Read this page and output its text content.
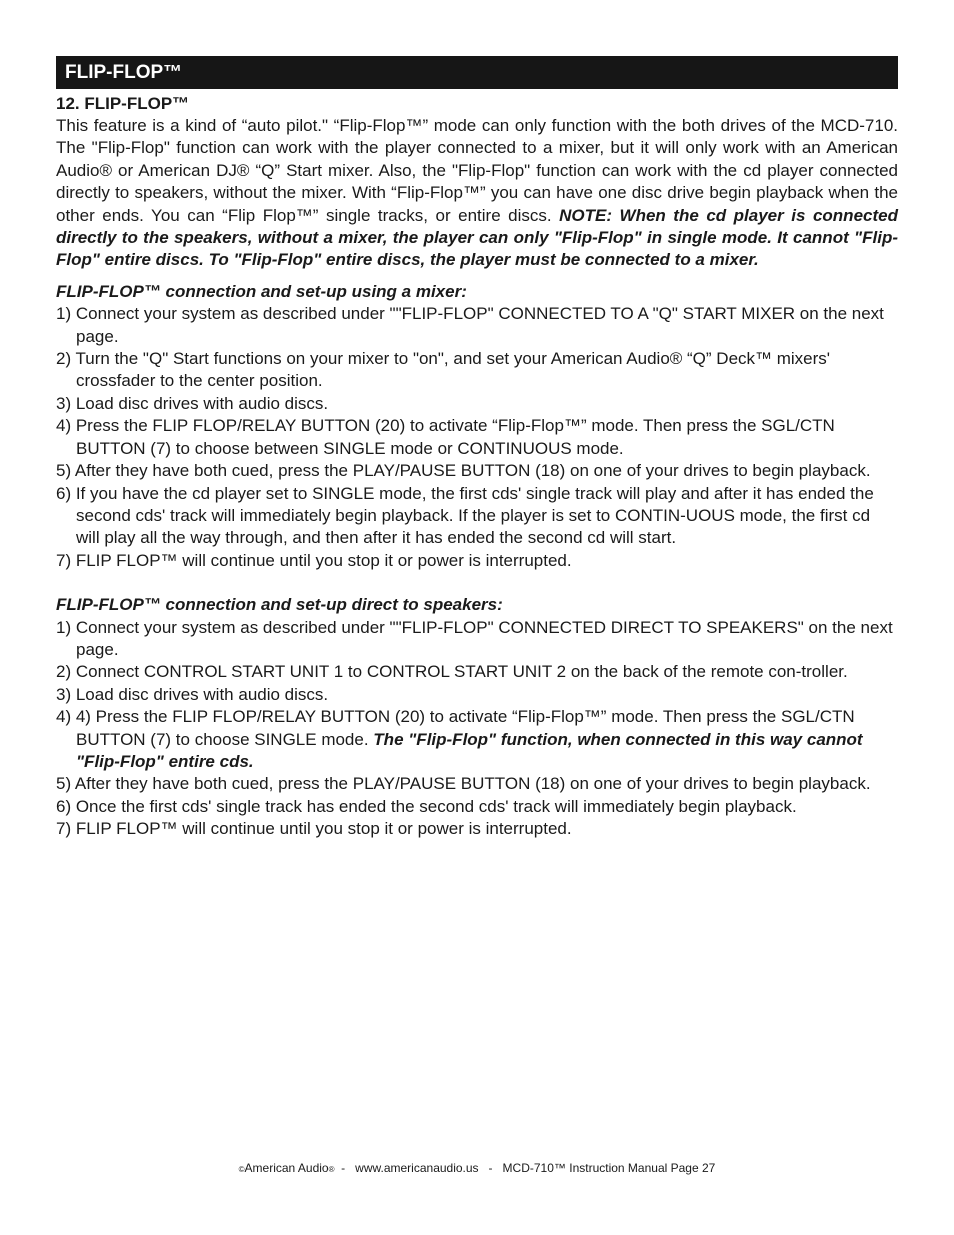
FLIP-FLOP™
12. FLIP-FLOP™
This feature is a kind of “auto pilot." “Flip-Flop™” mode can only function with the both drives of the MCD-710. The "Flip-Flop" function can work with the player connected to a mixer, but it will only work with an American Audio® or American DJ® “Q” Start mixer. Also, the "Flip-Flop" function can work with the cd player connected directly to speakers, without the mixer. With “Flip-Flop™” you can have one disc drive begin playback when the other ends. You can “Flip Flop™” single tracks, or entire discs. NOTE: When the cd player is connected directly to the speakers, without a mixer, the player can only "Flip-Flop" in single mode. It cannot "Flip-Flop" entire discs. To "Flip-Flop" entire discs, the player must be connected to a mixer.
FLIP-FLOP™ connection and set-up using a mixer:
1) Connect your system as described under ""FLIP-FLOP" CONNECTED TO A "Q" START MIXER on the next page.
2) Turn the "Q" Start functions on your mixer to "on", and set your American Audio® “Q” Deck™ mixers' crossfader to the center position.
3) Load disc drives with audio discs.
4) Press the FLIP FLOP/RELAY BUTTON (20) to activate “Flip-Flop™” mode. Then press the SGL/CTN BUTTON (7) to choose between SINGLE mode or CONTINUOUS mode.
5) After they have both cued, press the PLAY/PAUSE BUTTON (18) on one of your drives to begin playback.
6) If you have the cd player set to SINGLE mode, the first cds' single track will play and after it has ended the second cds' track will immediately begin playback. If the player is set to CONTIN-UOUS mode, the first cd will play all the way through, and then after it has ended the second cd will start.
7) FLIP FLOP™ will continue until you stop it or power is interrupted.
FLIP-FLOP™ connection and set-up direct to speakers:
1) Connect your system as described under ""FLIP-FLOP" CONNECTED DIRECT TO SPEAKERS" on the next page.
2) Connect CONTROL START UNIT 1 to CONTROL START UNIT 2 on the back of the remote con-troller.
3) Load disc drives with audio discs.
4) 4) Press the FLIP FLOP/RELAY BUTTON (20) to activate “Flip-Flop™” mode. Then press the SGL/CTN BUTTON (7) to choose SINGLE mode. The "Flip-Flop" function, when connected in this way cannot "Flip-Flop" entire cds.
5) After they have both cued, press the PLAY/PAUSE BUTTON (18) on one of your drives to begin playback.
6) Once the first cds' single track has ended the second cds' track will immediately begin playback.
7) FLIP FLOP™ will continue until you stop it or power is interrupted.
©American Audio®  -   www.americanaudio.us   -   MCD-710™ Instruction Manual Page 27
